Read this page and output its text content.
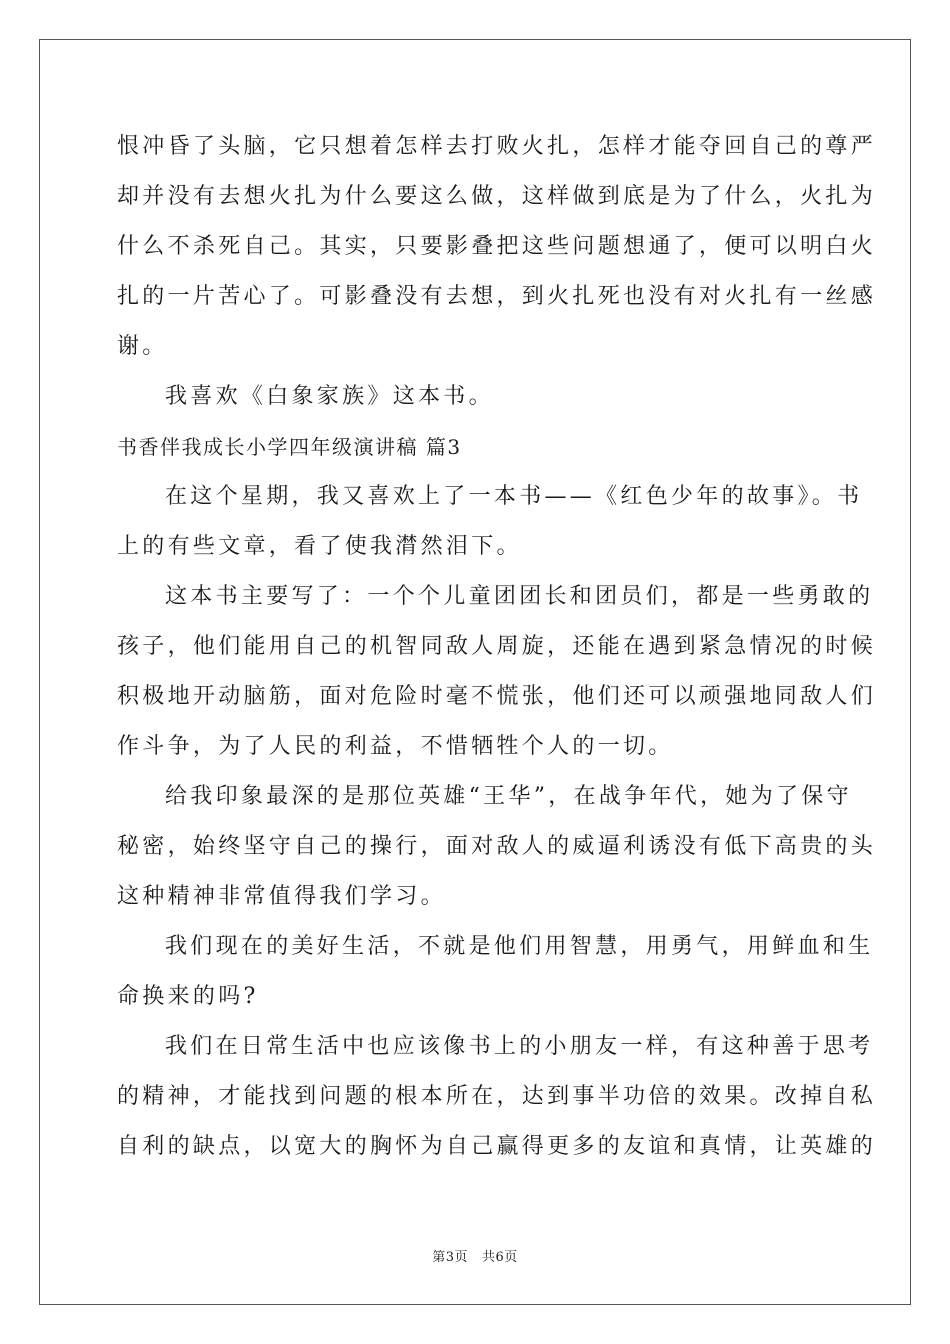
恨冲昏了头脑，它只想着怎样去打败火扎，怎样才能夺回自己的尊严
却并没有去想火扎为什么要这么做，这样做到底是为了什么，火扎为
什么不杀死自己。其实，只要影叠把这些问题想通了，便可以明白火
扎的一片苦心了。可影叠没有去想，到火扎死也没有对火扎有一丝感
谢。
我喜欢《白象家族》这本书。
书香伴我成长小学四年级演讲稿 篇3
在这个星期，我又喜欢上了一本书——《红色少年的故事》。书
上的有些文章，看了使我潸然泪下。
这本书主要写了：一个个儿童团团长和团员们，都是一些勇敢的
孩子，他们能用自己的机智同敌人周旋，还能在遇到紧急情况的时候
积极地开动脑筋，面对危险时毫不慌张，他们还可以顽强地同敌人们
作斗争，为了人民的利益，不惜牺牲个人的一切。
给我印象最深的是那位英雄“王华”，在战争年代，她为了保守
秘密，始终坚守自己的操行，面对敌人的威逼利诱没有低下高贵的头
这种精神非常值得我们学习。
我们现在的美好生活，不就是他们用智慧，用勇气，用鲜血和生
命换来的吗?
我们在日常生活中也应该像书上的小朋友一样，有这种善于思考
的精神，才能找到问题的根本所在，达到事半功倍的效果。改掉自私
自利的缺点，以宽大的胸怀为自己赢得更多的友谊和真情，让英雄的
第3页 共6页
